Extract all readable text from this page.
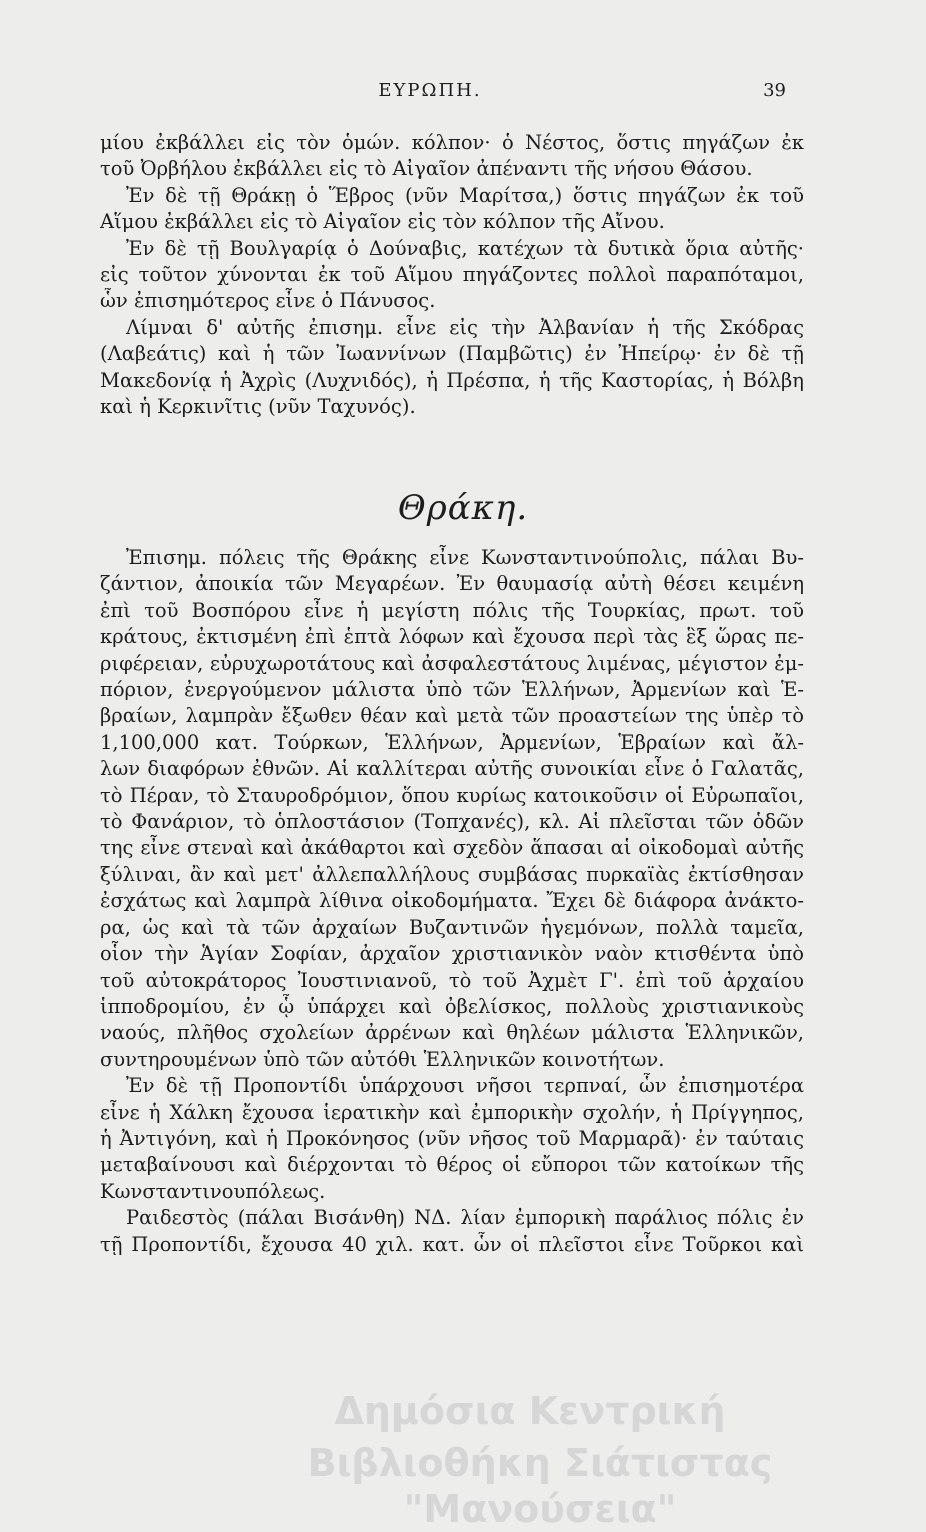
ΕΥΡΩΠΗ.	39
μίου ἐκβάλλει εἰς τὸν ὁμών. κόλπον· ὁ Νέστος, ὅστις πηγάζων ἐκ
τοῦ Ὀρβήλου ἐκβάλλει εἰς τὸ Αἰγαῖον ἀπέναντι τῆς νήσου Θάσου.
Ἐν δὲ τῇ Θράκῃ ὁ Ἕβρος (νῦν Μαρίτσα,) ὅστις πηγάζων ἐκ τοῦ
Αἵμου ἐκβάλλει εἰς τὸ Αἰγαῖον εἰς τὸν κόλπον τῆς Αἴνου.
Ἐν δὲ τῇ Βουλγαρίᾳ ὁ Δούναβις, κατέχων τὰ δυτικὰ ὅρια αὐτῆς·
εἰς τοῦτον χύνονται ἐκ τοῦ Αἵμου πηγάζοντες πολλοὶ παραπόταμοι,
ὧν ἐπισημότερος εἶνε ὁ Πάνυσος.
Λίμναι δ' αὐτῆς ἐπισημ. εἶνε εἰς τὴν Ἀλβανίαν ἡ τῆς Σκόδρας
(Λαβεάτις) καὶ ἡ τῶν Ἰωαννίνων (Παμβῶτις) ἐν Ἠπείρῳ· ἐν δὲ τῇ
Μακεδονίᾳ ἡ Ἀχρὶς (Λυχνιδός), ἡ Πρέσπα, ἡ τῆς Καστορίας, ἡ Βόλβη
καὶ ἡ Κερκινῖτις (νῦν Ταχυνός).
Θράκη.
Ἐπισημ. πόλεις τῆς Θράκης εἶνε Κωνσταντινούπολις, πάλαι Βυ-
ζάντιον, ἀποικία τῶν Μεγαρέων. Ἐν θαυμασίᾳ αὐτὴ θέσει κειμένη
ἐπὶ τοῦ Βοσπόρου εἶνε ἡ μεγίστη πόλις τῆς Τουρκίας, πρωτ. τοῦ
κράτους, ἐκτισμένη ἐπὶ ἑπτὰ λόφων καὶ ἔχουσα περὶ τὰς ἓξ ὥρας πε-
ριφέρειαν, εὐρυχωροτάτους καὶ ἀσφαλεστάτους λιμένας, μέγιστον ἐμ-
πόριον, ἐνεργούμενον μάλιστα ὑπὸ τῶν Ἑλλήνων, Ἀρμενίων καὶ Ἑ-
βραίων, λαμπρὰν ἔξωθεν θέαν καὶ μετὰ τῶν προαστείων της ὑπὲρ τὸ
1,100,000 κατ. Τούρκων, Ἑλλήνων, Ἀρμενίων, Ἑβραίων καὶ ἄλ-
λων διαφόρων ἐθνῶν. Αἱ καλλίτεραι αὐτῆς συνοικίαι εἶνε ὁ Γαλατᾶς,
τὸ Πέραν, τὸ Σταυροδρόμιον, ὅπου κυρίως κατοικοῦσιν οἱ Εὐρωπαῖοι,
τὸ Φανάριον, τὸ ὁπλοστάσιον (Τοπχανές), κλ. Αἱ πλεῖσται τῶν ὁδῶν
της εἶνε στεναὶ καὶ ἀκάθαρτοι καὶ σχεδὸν ἅπασαι αἱ οἰκοδομαὶ αὐτῆς
ξύλιναι, ἂν καὶ μετ' ἀλλεπαλλήλους συμβάσας πυρκαϊὰς ἐκτίσθησαν
ἐσχάτως καὶ λαμπρὰ λίθινα οἰκοδομήματα. Ἔχει δὲ διάφορα ἀνάκτο-
ρα, ὡς καὶ τὰ τῶν ἀρχαίων Βυζαντινῶν ἡγεμόνων, πολλὰ ταμεῖα,
οἷον τὴν Ἁγίαν Σοφίαν, ἀρχαῖον χριστιανικὸν ναὸν κτισθέντα ὑπὸ
τοῦ αὐτοκράτορος Ἰουστινιανοῦ, τὸ τοῦ Ἀχμὲτ Γ'. ἐπὶ τοῦ ἀρχαίου
ἱπποδρομίου, ἐν ᾧ ὑπάρχει καὶ ὀβελίσκος, πολλοὺς χριστιανικοὺς
ναούς, πλῆθος σχολείων ἀρρένων καὶ θηλέων μάλιστα Ἑλληνικῶν,
συντηρουμένων ὑπὸ τῶν αὐτόθι Ἑλληνικῶν κοινοτήτων.
Ἐν δὲ τῇ Προποντίδι ὑπάρχουσι νῆσοι τερπναί, ὧν ἐπισημοτέρα
εἶνε ἡ Χάλκη ἔχουσα ἱερατικὴν καὶ ἐμπορικὴν σχολήν, ἡ Πρίγγηπος,
ἡ Ἀντιγόνη, καὶ ἡ Προκόνησος (νῦν νῆσος τοῦ Μαρμαρᾶ)· ἐν ταύταις
μεταβαίνουσι καὶ διέρχονται τὸ θέρος οἱ εὔποροι τῶν κατοίκων τῆς
Κωνσταντινουπόλεως.
Ραιδεστὸς (πάλαι Βισάνθη) ΝΔ. λίαν ἐμπορικὴ παράλιος πόλις ἐν
τῇ Προποντίδι, ἔχουσα 40 χιλ. κατ. ὧν οἱ πλεῖστοι εἶνε Τοῦρκοι καὶ
Δημόσια Κεντρική
Βιβλιοθήκη Σιάτιστας "Μανούσεια"
